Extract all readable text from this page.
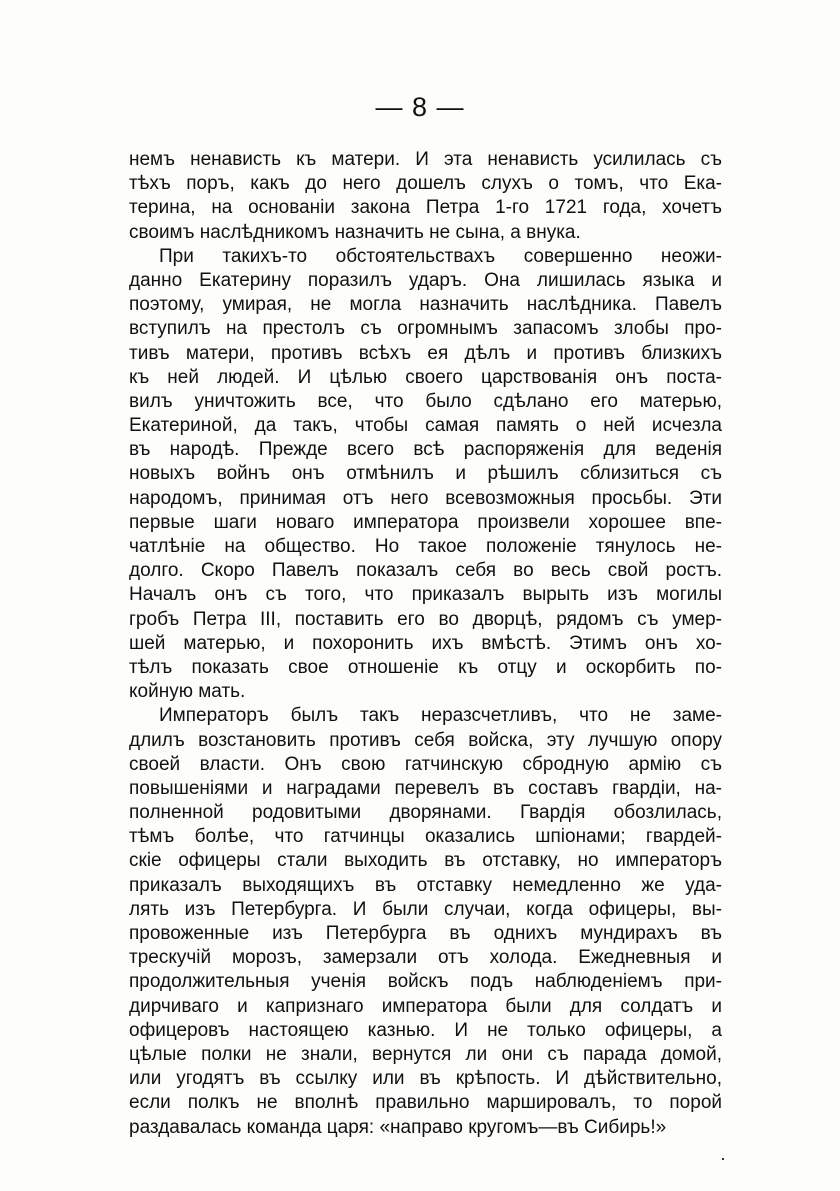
— 8 —
немъ ненависть къ матери. И эта ненависть усилилась съ
тѣхъ поръ, какъ до него дошелъ слухъ о томъ, что Ека-
терина, на основаніи закона Петра 1-го 1721 года, хочетъ
своимъ наслѣдникомъ назначить не сына, а внука.
При такихъ-то обстоятельствахъ совершенно неожи-
данно Екатерину поразилъ ударъ. Она лишилась языка и
поэтому, умирая, не могла назначить наслѣдника. Павелъ
вступилъ на престолъ съ огромнымъ запасомъ злобы про-
тивъ матери, противъ всѣхъ ея дѣлъ и противъ близкихъ
къ ней людей. И цѣлью своего царствованія онъ поста-
вилъ уничтожить все, что было сдѣлано его матерью,
Екатериной, да такъ, чтобы самая память о ней исчезла
въ народѣ. Прежде всего всѣ распоряженія для веденія
новыхъ войнъ онъ отмѣнилъ и рѣшилъ сблизиться съ
народомъ, принимая отъ него всевозможныя просьбы. Эти
первые шаги новаго императора произвели хорошее впе-
чатлѣніе на общество. Но такое положеніе тянулось не-
долго. Скоро Павелъ показалъ себя во весь свой ростъ.
Началъ онъ съ того, что приказалъ вырыть изъ могилы
гробъ Петра III, поставить его во дворцѣ, рядомъ съ умер-
шей матерью, и похоронить ихъ вмѣстѣ. Этимъ онъ хо-
тѣлъ показать свое отношеніе къ отцу и оскорбить по-
койную мать.
Императоръ былъ такъ неразсчетливъ, что не заме-
длилъ возстановить противъ себя войска, эту лучшую опору
своей власти. Онъ свою гатчинскую сбродную армію съ
повышеніями и наградами перевелъ въ составъ гвардіи, на-
полненной родовитыми дворянами. Гвардія обозлилась,
тѣмъ болѣе, что гатчинцы оказались шпіонами; гвардей-
скіе офицеры стали выходить въ отставку, но императоръ
приказалъ выходящихъ въ отставку немедленно же уда-
лять изъ Петербурга. И были случаи, когда офицеры, вы-
провоженные изъ Петербурга въ однихъ мундирахъ въ
трескучій морозъ, замерзали отъ холода. Ежедневныя и
продолжительныя ученія войскъ подъ наблюденіемъ при-
дирчиваго и капризнаго императора были для солдатъ и
офицеровъ настоящею казнью. И не только офицеры, а
цѣлые полки не знали, вернутся ли они съ парада домой,
или угодятъ въ ссылку или въ крѣпость. И дѣйствительно,
если полкъ не вполнѣ правильно маршировалъ, то порой
раздавалась команда царя: «направо кругомъ—въ Сибирь!»
